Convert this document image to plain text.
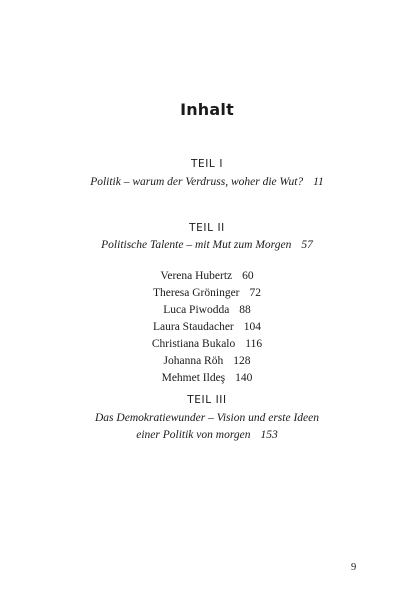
Inhalt
TEIL I
Politik – warum der Verdruss, woher die Wut? 11
TEIL II
Politische Talente – mit Mut zum Morgen 57
Verena Hubertz 60
Theresa Gröninger 72
Luca Piwodda 88
Laura Staudacher 104
Christiana Bukalo 116
Johanna Röh 128
Mehmet Ildeş 140
TEIL III
Das Demokratiewunder – Vision und erste Ideen
einer Politik von morgen 153
9
